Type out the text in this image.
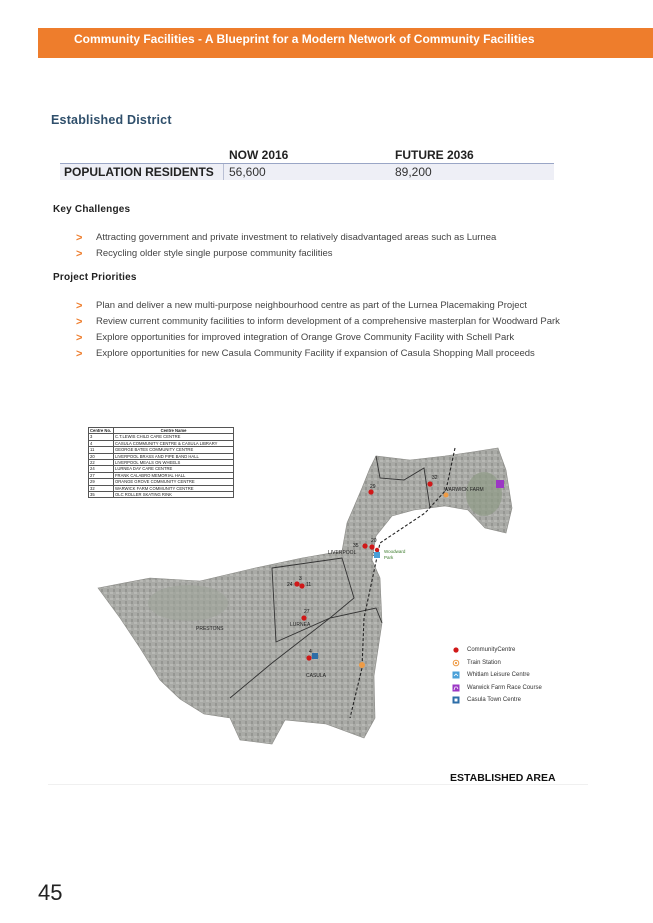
Community Facilities - A Blueprint for a Modern Network of Community Facilities
Established District
NOW 2016	FUTURE 2036
POPULATION RESIDENTS 56,600	89,200
Key Challenges
> Attracting government and private investment to relatively disadvantaged areas such as Lurnea
> Recycling older style single purpose community facilities
Project Priorities
> Plan and deliver a new multi-purpose neighbourhood centre as part of the Lurnea Placemaking Project
> Review current community facilities to inform development of a comprehensive masterplan for Woodward Park
> Explore opportunities for improved integration of Orange Grove Community Facility with Schell Park
> Explore opportunities for new Casula Community Facility if expansion of Casula Shopping Mall proceeds
WARWICK FARM
LIVERPOOL	Woodward
Park
PRESTONS
LURNEA
CASULA
32
29
20
35
3
24	11
27
4
Centre No.	Centre Name
3	C.T.LEWIS CHILD CARE CENTRE
4	CASULA COMMUNITY CENTRE & CASULA LIBRARY
11	GEORGE BATES COMMUNITY CENTRE
20	LIVERPOOL BRASS AND PIPE BAND HALL
22	LIVERPOOL MEALS ON WHEELS
24	LURNEA DAY CARE CENTRE
27	FRANK CALABRO MEMORIAL HALL
29	ORANGE GROVE COMMUNITY CENTRE
32	WARWICK FARM COMMUNITY CENTRE
35	OLC ROLLER SKATING RINK
CommunityCentre
Train Station
Whitlam Leisure Centre
Warwick Farm Race Course
Casula Town Centre
ESTABLISHED AREA
45
